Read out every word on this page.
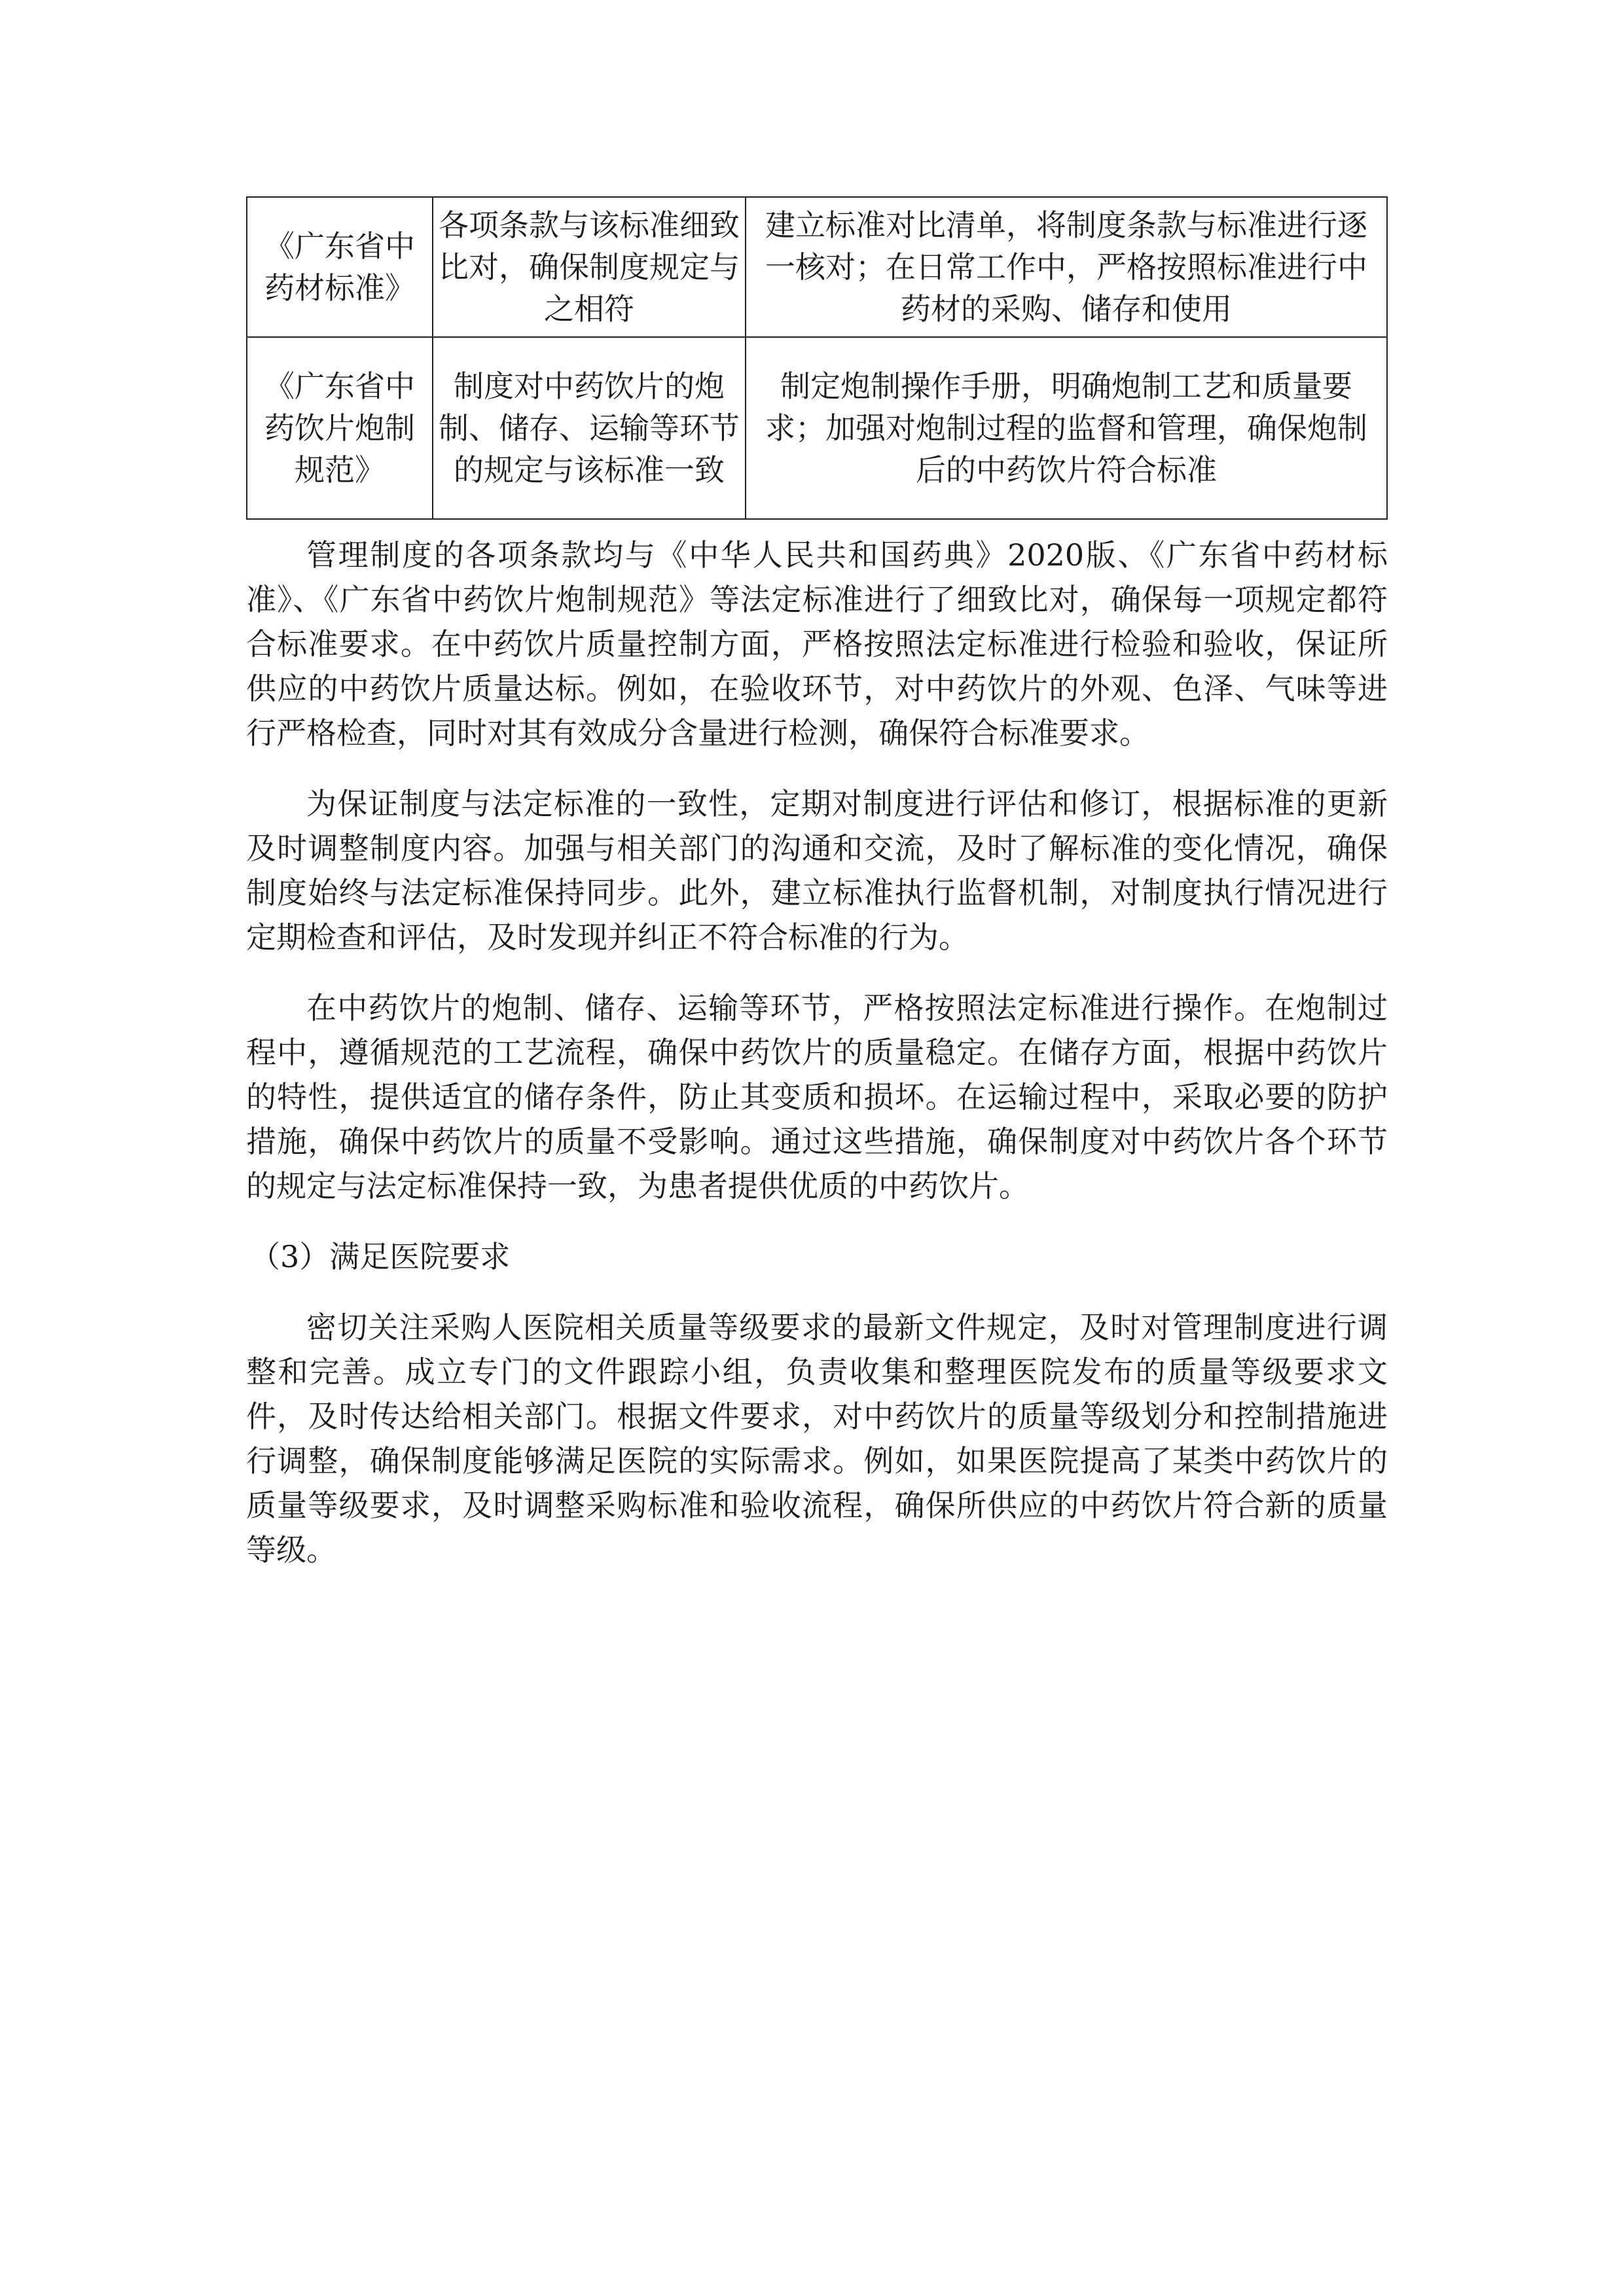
《广东省中药材标准》	各项条款与该标准细致比对，确保制度规定与之相符	建立标准对比清单，将制度条款与标准进行逐一核对；在日常工作中，严格按照标准进行中药材的采购、储存和使用
《广东省中药饮片炮制规范》	制度对中药饮片的炮制、储存、运输等环节的规定与该标准一致	制定炮制操作手册，明确炮制工艺和质量要求；加强对炮制过程的监督和管理，确保炮制后的中药饮片符合标准

管理制度的各项条款均与《中华人民共和国药典》2020版、《广东省中药材标准》、《广东省中药饮片炮制规范》等法定标准进行了细致比对，确保每一项规定都符合标准要求。在中药饮片质量控制方面，严格按照法定标准进行检验和验收，保证所供应的中药饮片质量达标。例如，在验收环节，对中药饮片的外观、色泽、气味等进行严格检查，同时对其有效成分含量进行检测，确保符合标准要求。

为保证制度与法定标准的一致性，定期对制度进行评估和修订，根据标准的更新及时调整制度内容。加强与相关部门的沟通和交流，及时了解标准的变化情况，确保制度始终与法定标准保持同步。此外，建立标准执行监督机制，对制度执行情况进行定期检查和评估，及时发现并纠正不符合标准的行为。

在中药饮片的炮制、储存、运输等环节，严格按照法定标准进行操作。在炮制过程中，遵循规范的工艺流程，确保中药饮片的质量稳定。在储存方面，根据中药饮片的特性，提供适宜的储存条件，防止其变质和损坏。在运输过程中，采取必要的防护措施，确保中药饮片的质量不受影响。通过这些措施，确保制度对中药饮片各个环节的规定与法定标准保持一致，为患者提供优质的中药饮片。

（3）满足医院要求

密切关注采购人医院相关质量等级要求的最新文件规定，及时对管理制度进行调整和完善。成立专门的文件跟踪小组，负责收集和整理医院发布的质量等级要求文件，及时传达给相关部门。根据文件要求，对中药饮片的质量等级划分和控制措施进行调整，确保制度能够满足医院的实际需求。例如，如果医院提高了某类中药饮片的质量等级要求，及时调整采购标准和验收流程，确保所供应的中药饮片符合新的质量等级。
